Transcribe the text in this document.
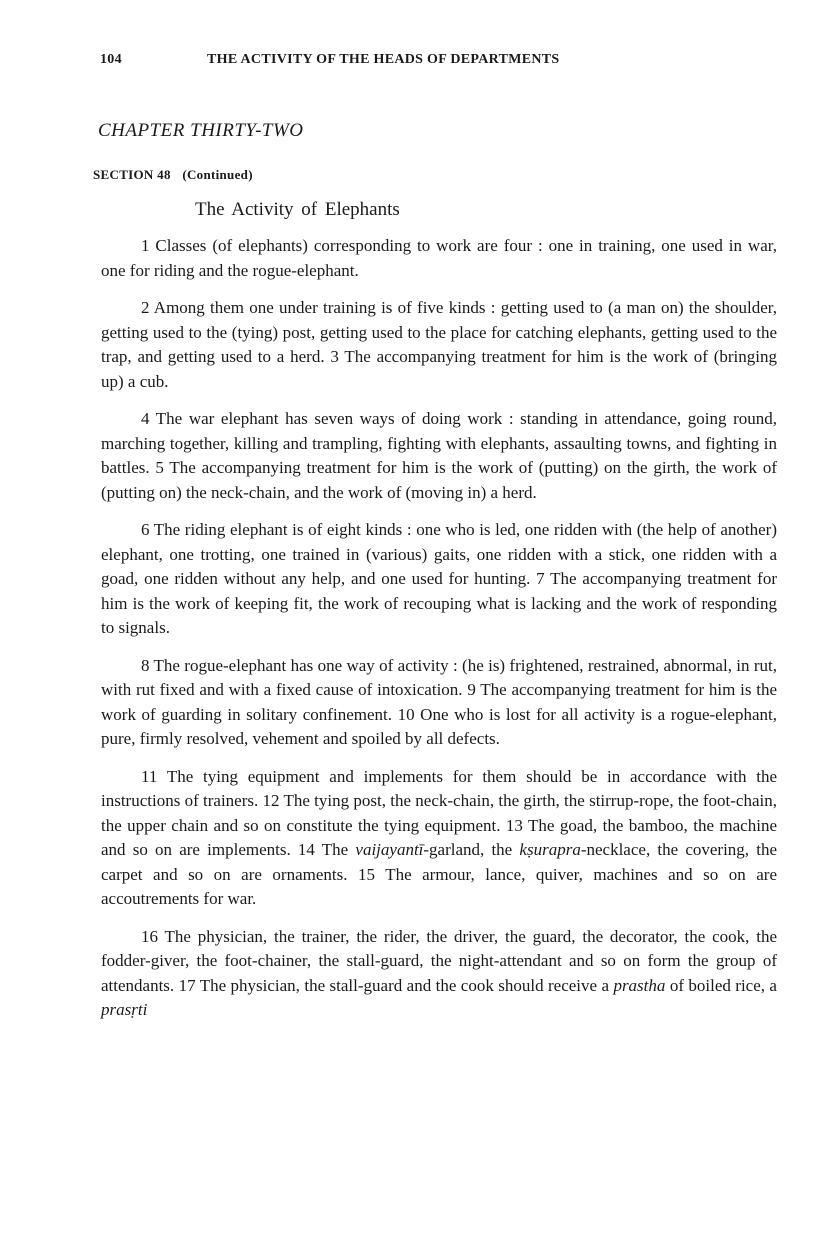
104	THE ACTIVITY OF THE HEADS OF DEPARTMENTS
CHAPTER THIRTY-TWO
SECTION 48 (Continued)
The Activity of Elephants

1 Classes (of elephants) corresponding to work are four : one in training, one used in war, one for riding and the rogue-elephant.

2 Among them one under training is of five kinds : getting used to (a man on) the shoulder, getting used to the (tying) post, getting used to the place for catching elephants, getting used to the trap, and getting used to a herd. 3 The accompanying treatment for him is the work of (bringing up) a cub.

4 The war elephant has seven ways of doing work : standing in attendance, going round, marching together, killing and trampling, fighting with elephants, assaulting towns, and fighting in battles. 5 The accompanying treatment for him is the work of (putting) on the girth, the work of (putting on) the neck-chain, and the work of (moving in) a herd.

6 The riding elephant is of eight kinds : one who is led, one ridden with (the help of another) elephant, one trotting, one trained in (various) gaits, one ridden with a stick, one ridden with a goad, one ridden without any help, and one used for hunting. 7 The accompanying treatment for him is the work of keeping fit, the work of recouping what is lacking and the work of responding to signals.

8 The rogue-elephant has one way of activity : (he is) frightened, restrained, abnormal, in rut, with rut fixed and with a fixed cause of intoxication. 9 The accompanying treatment for him is the work of guarding in solitary confinement. 10 One who is lost for all activity is a rogue-elephant, pure, firmly resolved, vehement and spoiled by all defects.

11 The tying equipment and implements for them should be in accordance with the instructions of trainers. 12 The tying post, the neck-chain, the girth, the stirrup-rope, the foot-chain, the upper chain and so on constitute the tying equipment. 13 The goad, the bamboo, the machine and so on are implements. 14 The vaijayantī-garland, the kṣurapra-necklace, the covering, the carpet and so on are ornaments. 15 The armour, lance, quiver, machines and so on are accoutrements for war.

16 The physician, the trainer, the rider, the driver, the guard, the decorator, the cook, the fodder-giver, the foot-chainer, the stall-guard, the night-attendant and so on form the group of attendants. 17 The physician, the stall-guard and the cook should receive a prastha of boiled rice, a prasṛti
